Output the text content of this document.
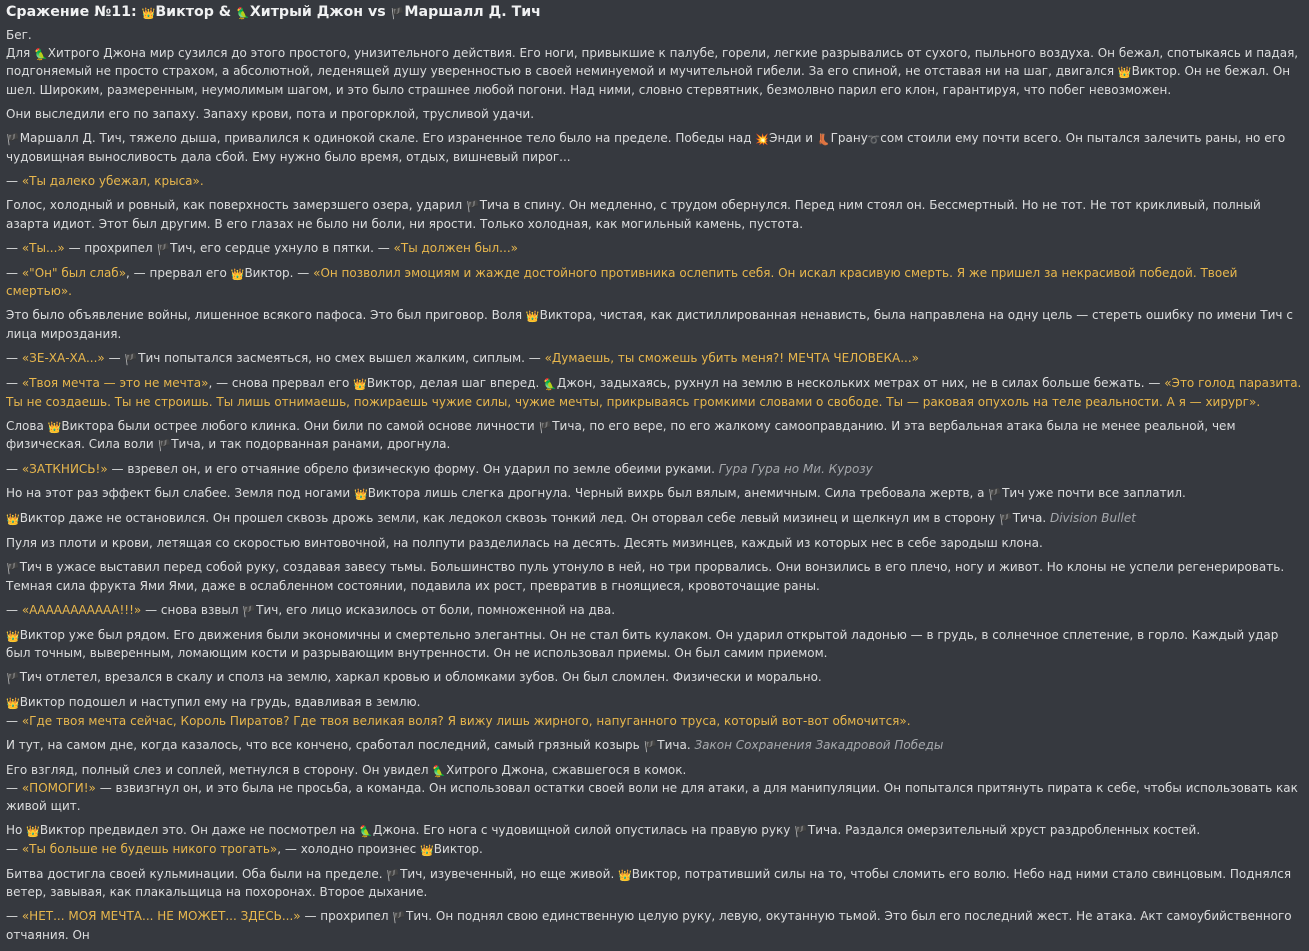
Сражение №11: 👑Виктор & 🦜Хитрый Джон vs 🏴Маршалл Д. Тич

Бег.

Для 🦜Хитрого Джона мир сузился до этого простого, унизительного действия. Его ноги, привыкшие к палубе, горели, легкие разрывались от сухого, пыльного воздуха. Он бежал, спотыкаясь и падая, подгоняемый не просто страхом, а абсолютной, леденящей душу уверенностью в своей неминуемой и мучительной гибели. За его спиной, не отставая ни на шаг, двигался 👑Виктор. Он не бежал. Он шел. Широким, размеренным, неумолимым шагом, и это было страшнее любой погони. Над ними, словно стервятник, безмолвно парил его клон, гарантируя, что побег невозможен.

Они выследили его по запаху. Запаху крови, пота и прогорклой, трусливой удачи.

🏴Маршалл Д. Тич, тяжело дыша, привалился к одинокой скале. Его израненное тело было на пределе. Победы над 💥Энди и 👢Грану➰сом стоили ему почти всего. Он пытался залечить раны, но его чудовищная выносливость дала сбой. Ему нужно было время, отдых, вишневый пирог...

— «Ты далеко убежал, крыса».

Голос, холодный и ровный, как поверхность замерзшего озера, ударил 🏴Тича в спину. Он медленно, с трудом обернулся. Перед ним стоял он. Бессмертный. Но не тот. Не тот крикливый, полный азарта идиот. Этот был другим. В его глазах не было ни боли, ни ярости. Только холодная, как могильный камень, пустота.

— «Ты...» — прохрипел 🏴Тич, его сердце ухнуло в пятки. — «Ты должен был...»

— «"Он" был слаб», — прервал его 👑Виктор. — «Он позволил эмоциям и жажде достойного противника ослепить себя. Он искал красивую смерть. Я же пришел за некрасивой победой. Твоей смертью».

Это было объявление войны, лишенное всякого пафоса. Это был приговор. Воля 👑Виктора, чистая, как дистиллированная ненависть, была направлена на одну цель — стереть ошибку по имени Тич с лица мироздания.

— «ЗЕ-ХА-ХА...» — 🏴Тич попытался засмеяться, но смех вышел жалким, сиплым. — «Думаешь, ты сможешь убить меня?! МЕЧТА ЧЕЛОВЕКА...»

— «Твоя мечта — это не мечта», — снова прервал его 👑Виктор, делая шаг вперед. 🦜Джон, задыхаясь, рухнул на землю в нескольких метрах от них, не в силах больше бежать. — «Это голод паразита. Ты не создаешь. Ты не строишь. Ты лишь отнимаешь, пожираешь чужие силы, чужие мечты, прикрываясь громкими словами о свободе. Ты — раковая опухоль на теле реальности. А я — хирург».

Слова 👑Виктора были острее любого клинка. Они били по самой основе личности 🏴Тича, по его вере, по его жалкому самооправданию. И эта вербальная атака была не менее реальной, чем физическая. Сила воли 🏴Тича, и так подорванная ранами, дрогнула.

— «ЗАТКНИСЬ!» — взревел он, и его отчаяние обрело физическую форму. Он ударил по земле обеими руками. Гура Гура но Ми. Курозу

Но на этот раз эффект был слабее. Земля под ногами 👑Виктора лишь слегка дрогнула. Черный вихрь был вялым, анемичным. Сила требовала жертв, а 🏴Тич уже почти все заплатил.

👑Виктор даже не остановился. Он прошел сквозь дрожь земли, как ледокол сквозь тонкий лед. Он оторвал себе левый мизинец и щелкнул им в сторону 🏴Тича. Division Bullet

Пуля из плоти и крови, летящая со скоростью винтовочной, на полпути разделилась на десять. Десять мизинцев, каждый из которых нес в себе зародыш клона.

🏴Тич в ужасе выставил перед собой руку, создавая завесу тьмы. Большинство пуль утонуло в ней, но три прорвались. Они вонзились в его плечо, ногу и живот. Но клоны не успели регенерировать. Темная сила фрукта Ями Ями, даже в ослабленном состоянии, подавила их рост, превратив в гноящиеся, кровоточащие раны.

— «ААААААААААА!!!» — снова взвыл 🏴Тич, его лицо исказилось от боли, помноженной на два.

👑Виктор уже был рядом. Его движения были экономичны и смертельно элегантны. Он не стал бить кулаком. Он ударил открытой ладонью — в грудь, в солнечное сплетение, в горло. Каждый удар был точным, выверенным, ломающим кости и разрывающим внутренности. Он не использовал приемы. Он был самим приемом.

🏴Тич отлетел, врезался в скалу и сполз на землю, харкал кровью и обломками зубов. Он был сломлен. Физически и морально.

👑Виктор подошел и наступил ему на грудь, вдавливая в землю.
— «Где твоя мечта сейчас, Король Пиратов? Где твоя великая воля? Я вижу лишь жирного, напуганного труса, который вот-вот обмочится».

И тут, на самом дне, когда казалось, что все кончено, сработал последний, самый грязный козырь 🏴Тича. Закон Сохранения Закадровой Победы

Его взгляд, полный слез и соплей, метнулся в сторону. Он увидел 🦜Хитрого Джона, сжавшегося в комок.
— «ПОМОГИ!» — взвизгнул он, и это была не просьба, а команда. Он использовал остатки своей воли не для атаки, а для манипуляции. Он попытался притянуть пирата к себе, чтобы использовать как живой щит.

Но 👑Виктор предвидел это. Он даже не посмотрел на 🦜Джона. Его нога с чудовищной силой опустилась на правую руку 🏴Тича. Раздался омерзительный хруст раздробленных костей.
— «Ты больше не будешь никого трогать», — холодно произнес 👑Виктор.

Битва достигла своей кульминации. Оба были на пределе. 🏴Тич, изувеченный, но еще живой. 👑Виктор, потративший силы на то, чтобы сломить его волю. Небо над ними стало свинцовым. Поднялся ветер, завывая, как плакальщица на похоронах. Второе дыхание.

— «НЕТ... МОЯ МЕЧТА... НЕ МОЖЕТ... ЗДЕСЬ...» — прохрипел 🏴Тич. Он поднял свою единственную целую руку, левую, окутанную тьмой. Это был его последний жест. Не атака. Акт самоубийственного отчаяния. Он
